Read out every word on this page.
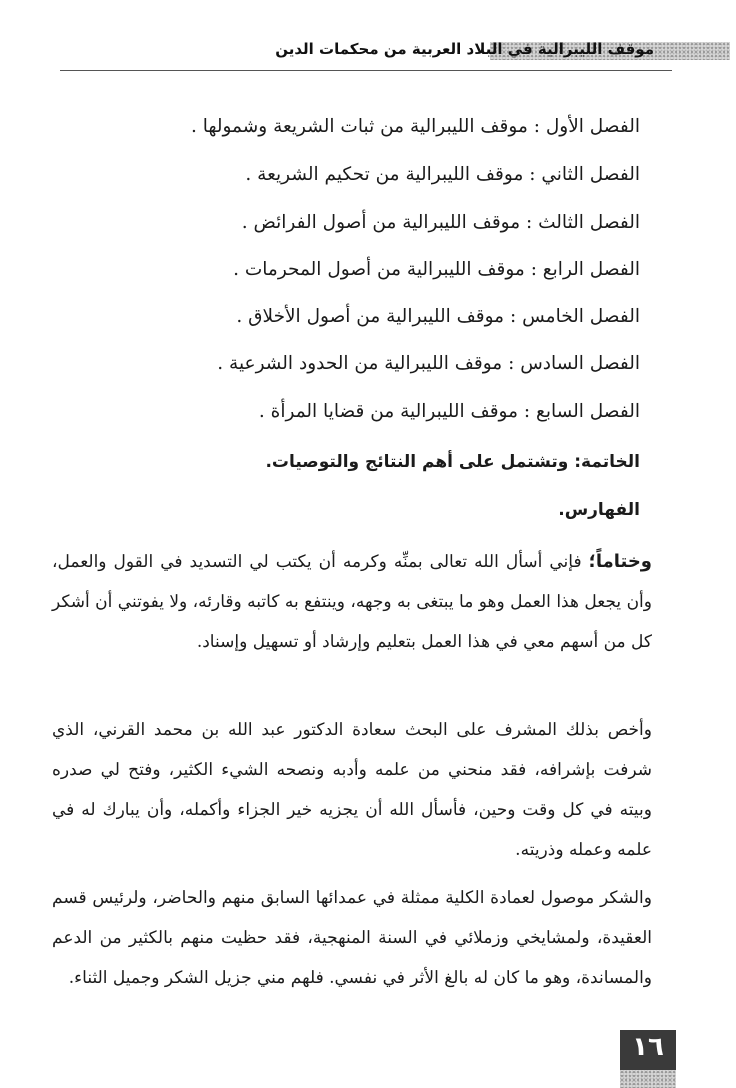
موقف الليبرالية في البلاد العربية من محكمات الدين
الفصل الأول : موقف الليبرالية من ثبات الشريعة وشمولها .
الفصل الثاني : موقف الليبرالية من تحكيم الشريعة .
الفصل الثالث : موقف الليبرالية من أصول الفرائض .
الفصل الرابع : موقف الليبرالية من أصول المحرمات .
الفصل الخامس : موقف الليبرالية من أصول الأخلاق .
الفصل السادس : موقف الليبرالية من الحدود الشرعية .
الفصل السابع : موقف الليبرالية من قضايا المرأة .
الخاتمة: وتشتمل على أهم النتائج والتوصيات.
الفهارس.
وختاماً؛ فإني أسأل الله تعالى بمنِّه وكرمه أن يكتب لي التسديد في القول والعمل، وأن يجعل هذا العمل وهو ما يبتغى به وجهه، وينتفع به كاتبه وقارئه، ولا يفوتني أن أشكر كل من أسهم معي في هذا العمل بتعليم وإرشاد أو تسهيل وإسناد.
وأخص بذلك المشرف على البحث سعادة الدكتور عبد الله بن محمد القرني، الذي شرفت بإشرافه، فقد منحني من علمه وأدبه ونصحه الشيء الكثير، وفتح لي صدره وبيته في كل وقت وحين، فأسأل الله أن يجزيه خير الجزاء وأكمله، وأن يبارك له في علمه وعمله وذريته.
والشكر موصول لعمادة الكلية ممثلة في عمدائها السابق منهم والحاضر، ولرئيس قسم العقيدة، ولمشايخي وزملائي في السنة المنهجية، فقد حظيت منهم بالكثير من الدعم والمساندة، وهو ما كان له بالغ الأثر في نفسي. فلهم مني جزيل الشكر وجميل الثناء.
١٦
